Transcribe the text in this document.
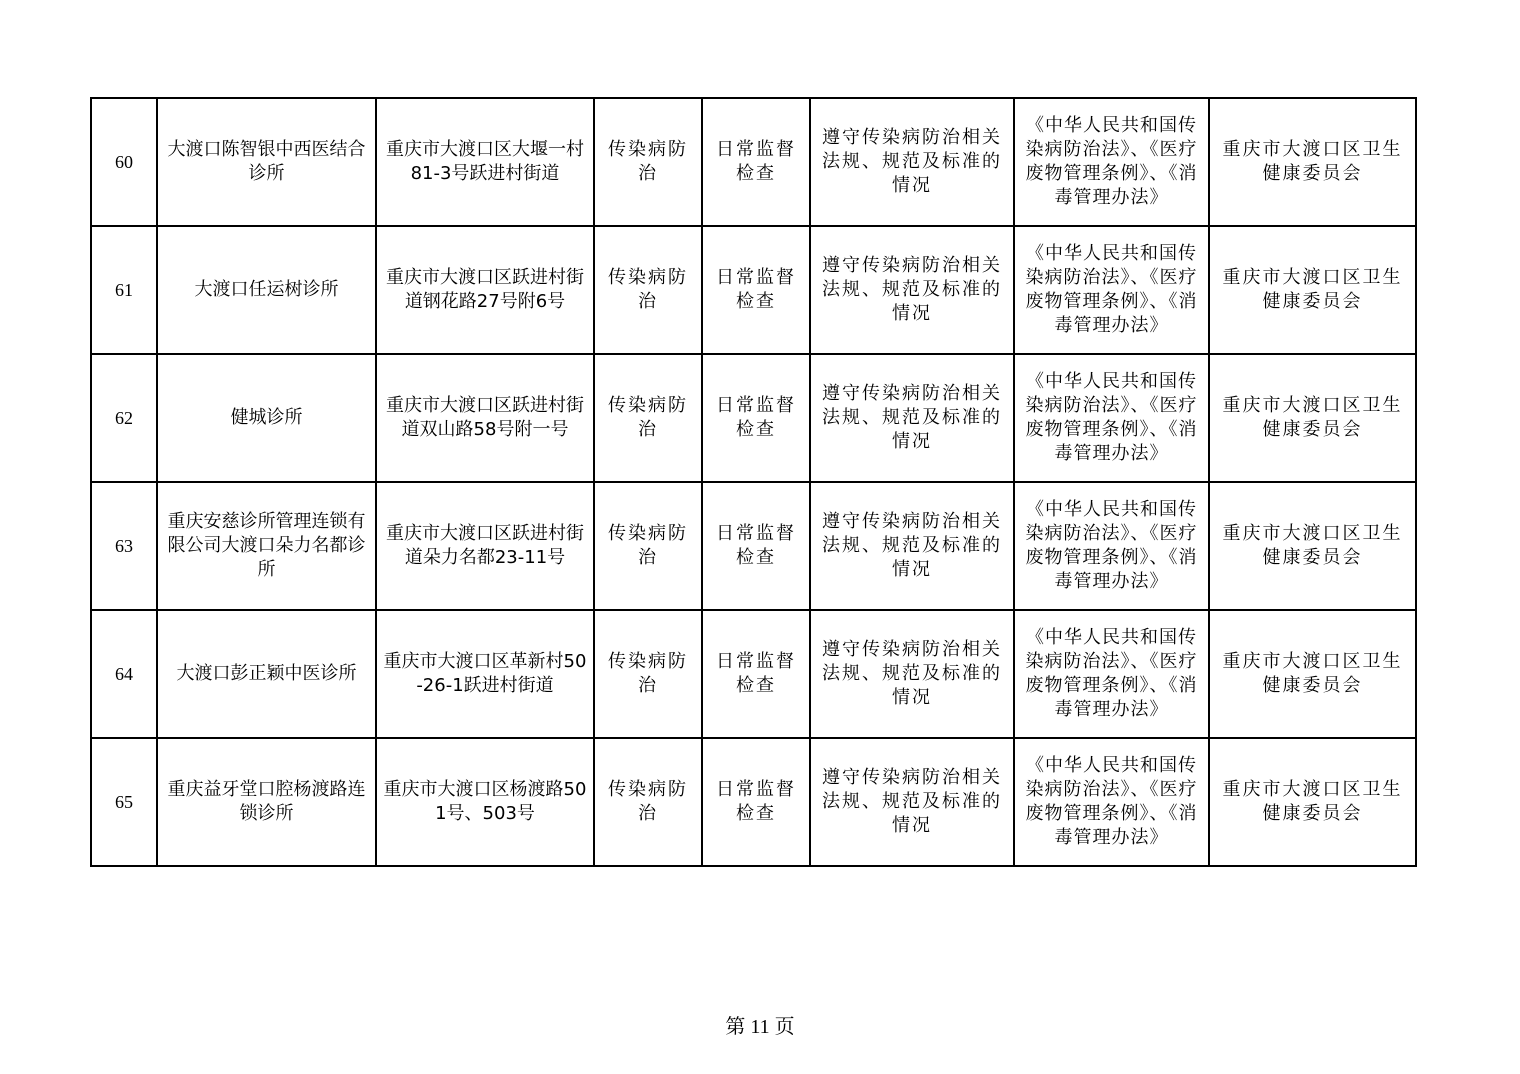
60	大渡口陈智银中西医结合诊所	重庆市大渡口区大堰一村81-3号跃进村街道	传染病防治	日常监督检查	遵守传染病防治相关法规、规范及标准的情况	《中华人民共和国传染病防治法》、《医疗废物管理条例》、《消毒管理办法》	重庆市大渡口区卫生健康委员会
61	大渡口任运树诊所	重庆市大渡口区跃进村街道钢花路27号附6号	传染病防治	日常监督检查	遵守传染病防治相关法规、规范及标准的情况	《中华人民共和国传染病防治法》、《医疗废物管理条例》、《消毒管理办法》	重庆市大渡口区卫生健康委员会
62	健城诊所	重庆市大渡口区跃进村街道双山路58号附一号	传染病防治	日常监督检查	遵守传染病防治相关法规、规范及标准的情况	《中华人民共和国传染病防治法》、《医疗废物管理条例》、《消毒管理办法》	重庆市大渡口区卫生健康委员会
63	重庆安慈诊所管理连锁有限公司大渡口朵力名都诊所	重庆市大渡口区跃进村街道朵力名都23-11号	传染病防治	日常监督检查	遵守传染病防治相关法规、规范及标准的情况	《中华人民共和国传染病防治法》、《医疗废物管理条例》、《消毒管理办法》	重庆市大渡口区卫生健康委员会
64	大渡口彭正颖中医诊所	重庆市大渡口区革新村50-26-1跃进村街道	传染病防治	日常监督检查	遵守传染病防治相关法规、规范及标准的情况	《中华人民共和国传染病防治法》、《医疗废物管理条例》、《消毒管理办法》	重庆市大渡口区卫生健康委员会
65	重庆益牙堂口腔杨渡路连锁诊所	重庆市大渡口区杨渡路501号、503号	传染病防治	日常监督检查	遵守传染病防治相关法规、规范及标准的情况	《中华人民共和国传染病防治法》、《医疗废物管理条例》、《消毒管理办法》	重庆市大渡口区卫生健康委员会
第 11 页
